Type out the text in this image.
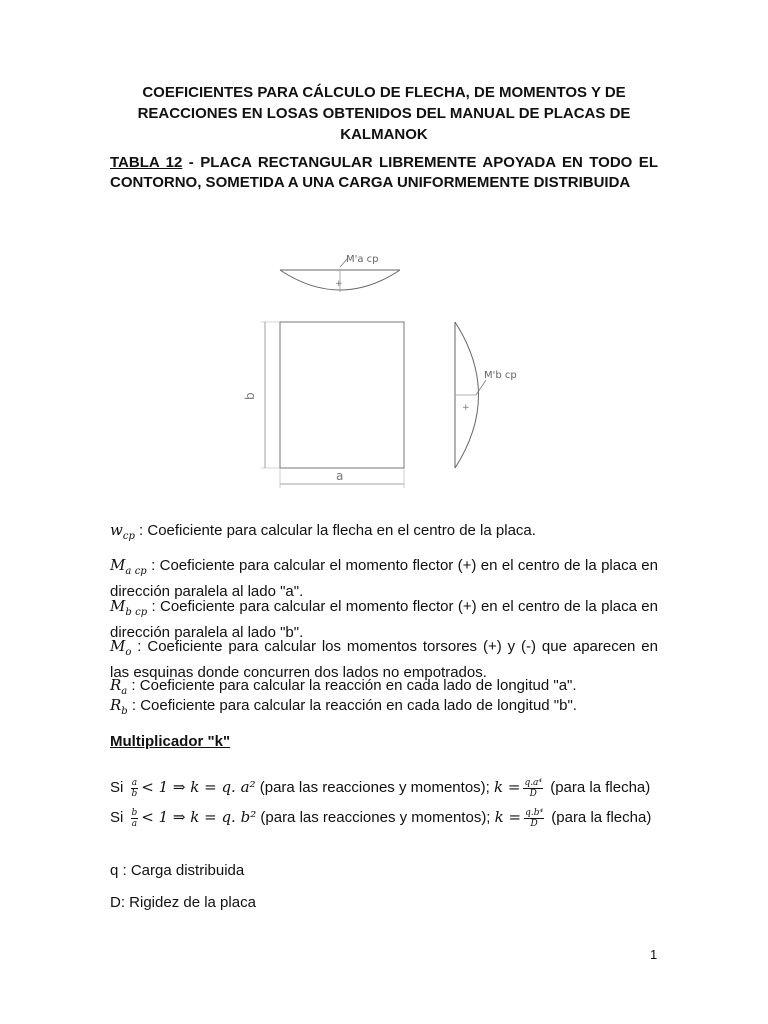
COEFICIENTES PARA CÁLCULO DE FLECHA, DE MOMENTOS Y DE REACCIONES EN LOSAS OBTENIDOS DEL MANUAL DE PLACAS DE KALMANOK
TABLA 12 - PLACA RECTANGULAR LIBREMENTE APOYADA EN TODO EL CONTORNO, SOMETIDA A UNA CARGA UNIFORMEMENTE DISTRIBUIDA
M'a cp
+
b
a
M'b cp
+
$w_{cp}$ : Coeficiente para calcular la flecha en el centro de la placa.
$M_{a cp}$ : Coeficiente para calcular el momento flector (+) en el centro de la placa en dirección paralela al lado "a".
$M_{b cp}$ : Coeficiente para calcular el momento flector (+) en el centro de la placa en dirección paralela al lado "b".
$M_o$ : Coeficiente para calcular los momentos torsores (+) y (-) que aparecen en las esquinas donde concurren dos lados no empotrados.
$R_a$ : Coeficiente para calcular la reacción en cada lado de longitud "a".
$R_b$ : Coeficiente para calcular la reacción en cada lado de longitud "b".
Multiplicador "k"
Si $\frac{a}{b} < 1$ ⇒ k = q. a² (para las reacciones y momentos); $k = \frac{\text{q.a⁴}}{D}$ (para la flecha)
Si $\frac{b}{a} < 1$ ⇒ k = q. b² (para las reacciones y momentos); $k = \frac{\text{q.b⁴}}{D}$ (para la flecha)
q : Carga distribuida
D: Rigidez de la placa
1
